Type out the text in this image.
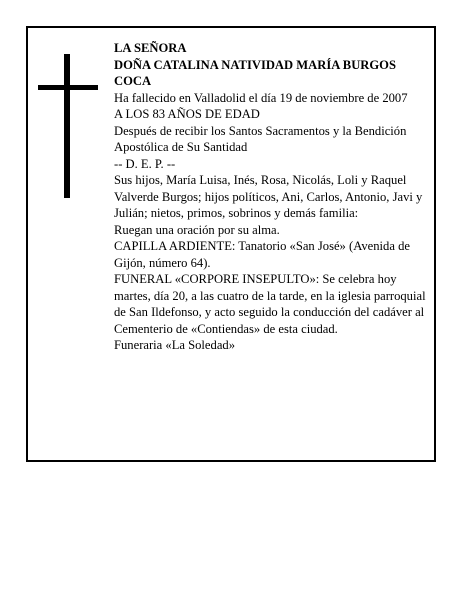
LA SEÑORA

DOÑA CATALINA NATIVIDAD MARÍA BURGOS COCA

Ha fallecido en Valladolid el día 19 de noviembre de 2007

A LOS 83 AÑOS DE EDAD

Después de recibir los Santos Sacramentos y la Bendición Apostólica de Su Santidad

-- D. E. P. --

Sus hijos, María Luisa, Inés, Rosa, Nicolás, Loli y Raquel Valverde Burgos; hijos políticos, Ani, Carlos, Antonio, Javi y Julián; nietos, primos, sobrinos y demás familia:

Ruegan una oración por su alma.

CAPILLA ARDIENTE: Tanatorio «San José» (Avenida de Gijón, número 64).

FUNERAL «CORPORE INSEPULTO»: Se celebra hoy martes, día 20, a las cuatro de la tarde, en la iglesia parroquial de San Ildefonso, y acto seguido la conducción del cadáver al Cementerio de «Contiendas» de esta ciudad.

Funeraria «La Soledad»
